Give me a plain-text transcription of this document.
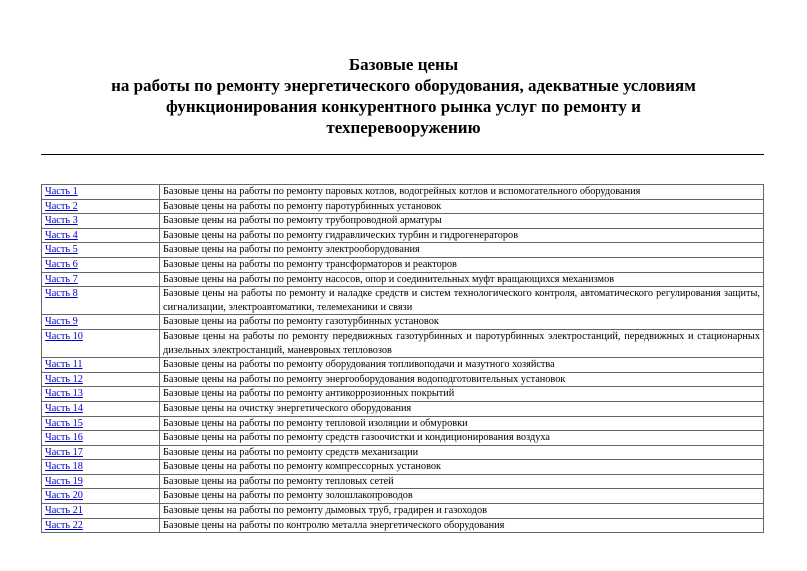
Базовые цены
на работы по ремонту энергетического оборудования, адекватные условиям
функционирования конкурентного рынка услуг по ремонту и
техперевооружению
Часть 1	Базовые цены на работы по ремонту паровых котлов, водогрейных котлов и вспомогательного оборудования
Часть 2	Базовые цены на работы по ремонту паротурбинных установок
Часть 3	Базовые цены на работы по ремонту трубопроводной арматуры
Часть 4	Базовые цены на работы по ремонту гидравлических турбин и гидрогенераторов
Часть 5	Базовые цены на работы по ремонту электрооборудования
Часть 6	Базовые цены на работы по ремонту трансформаторов и реакторов
Часть 7	Базовые цены на работы по ремонту насосов, опор и соединительных муфт вращающихся механизмов
Часть 8	Базовые цены на работы по ремонту и наладке средств и систем технологического контроля, автоматического регулирования защиты, сигнализации, электроавтоматики, телемеханики и связи
Часть 9	Базовые цены на работы по ремонту газотурбинных установок
Часть 10	Базовые цены на работы по ремонту передвижных газотурбинных и паротурбинных электростанций, передвижных и стационарных дизельных электростанций, маневровых тепловозов
Часть 11	Базовые цены на работы по ремонту оборудования топливоподачи и мазутного хозяйства
Часть 12	Базовые цены на работы по ремонту энергооборудования водоподготовительных установок
Часть 13	Базовые цены на работы по ремонту антикоррозионных покрытий
Часть 14	Базовые цены на очистку энергетического оборудования
Часть 15	Базовые цены на работы по ремонту тепловой изоляции и обмуровки
Часть 16	Базовые цены на работы по ремонту средств газоочистки и кондиционирования воздуха
Часть 17	Базовые цены на работы по ремонту средств механизации
Часть 18	Базовые цены на работы по ремонту компрессорных установок
Часть 19	Базовые цены на работы по ремонту тепловых сетей
Часть 20	Базовые цены на работы по ремонту золошлакопроводов
Часть 21	Базовые цены на работы по ремонту дымовых труб, градирен и газоходов
Часть 22	Базовые цены на работы по контролю металла энергетического оборудования
